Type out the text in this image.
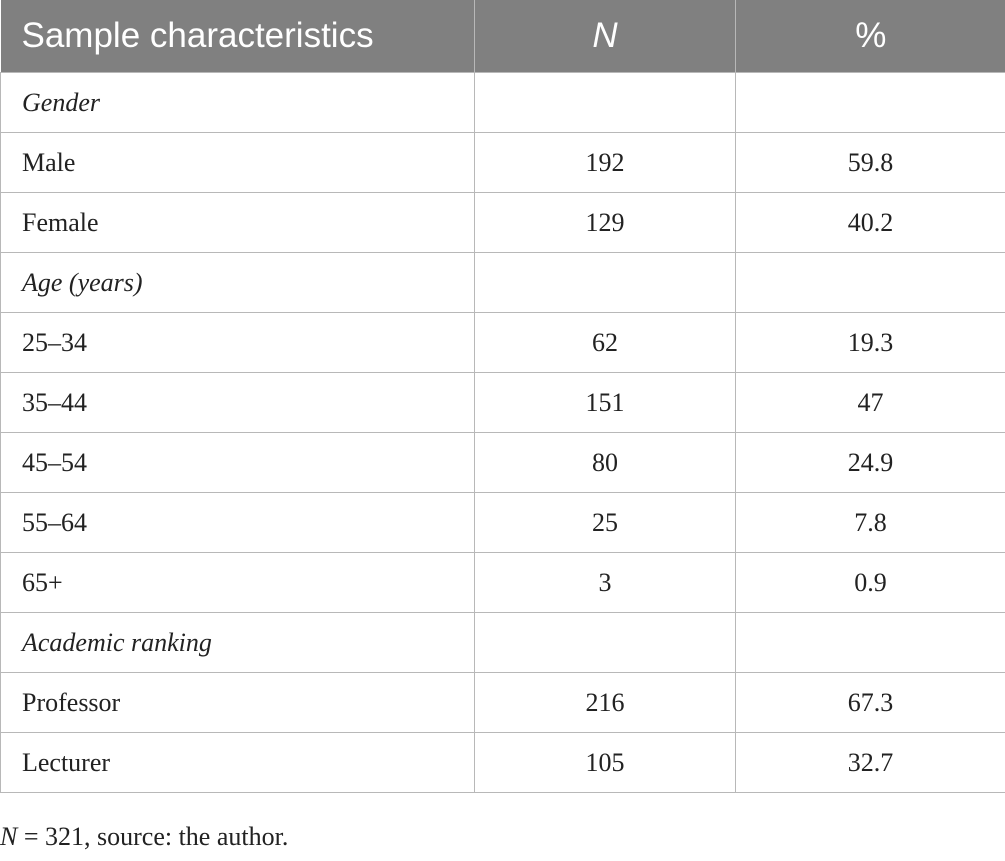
Sample characteristics	N	%
Gender		
Male	192	59.8
Female	129	40.2
Age (years)		
25–34	62	19.3
35–44	151	47
45–54	80	24.9
55–64	25	7.8
65+	3	0.9
Academic ranking		
Professor	216	67.3
Lecturer	105	32.7
N = 321, source: the author.
